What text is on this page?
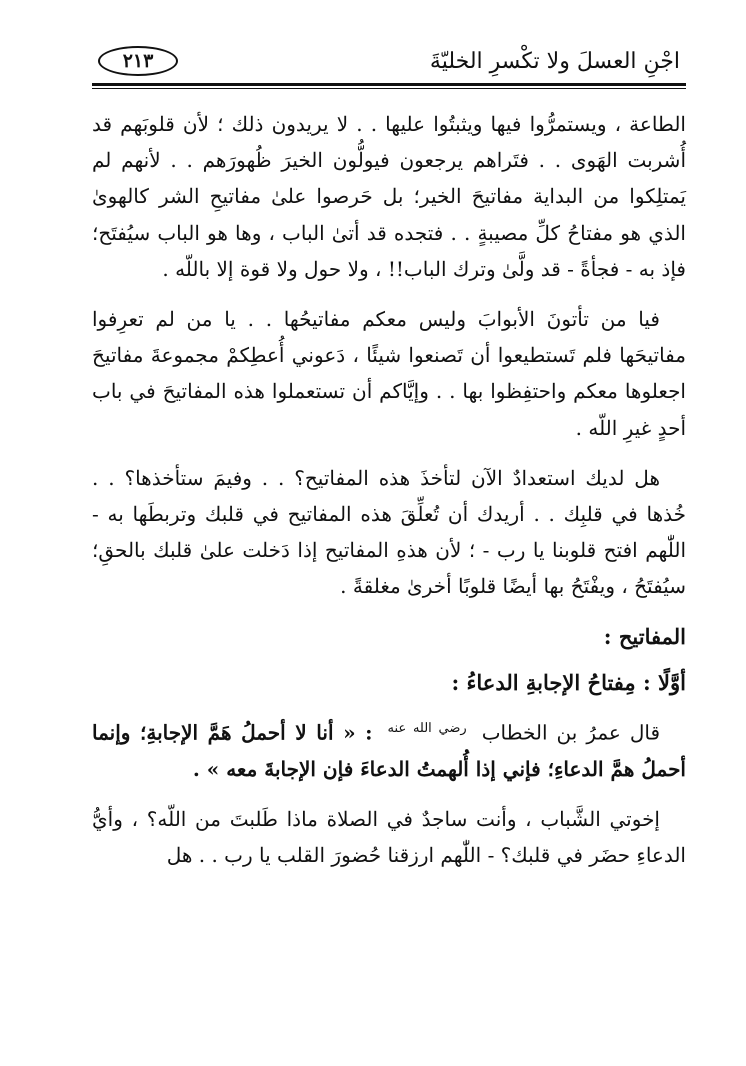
اجْنِ العسلَ ولا تكْسرِ الخليّةَ
٢١٣

الطاعة ، ويستمرُّوا فيها ويثبتُوا عليها . . لا يريدون ذلك ؛ لأن قلوبَهم قد أُشربت الهَوى . . فتَراهم يرجعون فيولُّون الخيرَ ظُهورَهم . . لأنهم لم يَمتلِكوا من البداية مفاتيحَ الخير؛ بل حَرصوا علىٰ مفاتيحِ الشر كالهوىٰ الذي هو مفتاحُ كلِّ مصيبةٍ . . فتجده قد أتىٰ الباب ، وها هو الباب سيُفتَح؛ فإذ به - فجأةً - قد ولَّىٰ وترك الباب!! ، ولا حول ولا قوة إلا باللّه .

فيا من تأتونَ الأبوابَ وليس معكم مفاتيحُها . . يا من لم تعرِفوا مفاتيحَها فلم تَستطيعوا أن تَصنعوا شيئًا ، دَعوني أُعطِكمْ مجموعةَ مفاتيحَ اجعلوها معكم واحتفِظوا بها . . وإيَّاكم أن تستعملوا هذه المفاتيحَ في باب أحدٍ غيرِ اللّه .

هل لديك استعدادٌ الآن لتأخذَ هذه المفاتيح؟ . . وفيمَ ستأخذها؟ . . خُذها في قلبِك . . أريدك أن تُعلِّقَ هذه المفاتيح في قلبك وتربطَها به - اللّٰهم افتح قلوبنا يا رب - ؛ لأن هذهِ المفاتيح إذا دَخلت علىٰ قلبك بالحقِ؛ سيُفتَحُ ، ويفْتَحُ بها أيضًا قلوبًا أخرىٰ مغلقةً .

المفاتيح :
أوَّلًا : مِفتاحُ الإجابةِ الدعاءُ :

قال عمرُ بن الخطاب $^{رضي الله عنه}$ : « أنا لا أحملُ هَمَّ الإجابةِ؛ وإنما أحملُ همَّ الدعاءِ؛ فإني إذا أُلهمتُ الدعاءَ فإن الإجابةَ معه » .

إخوتي الشَّباب ، وأنت ساجدٌ في الصلاة ماذا طَلبتَ من اللّه؟ ، وأيُّ الدعاءِ حضَر في قلبك؟ - اللّٰهم ارزقنا حُضورَ القلب يا رب . . هل
